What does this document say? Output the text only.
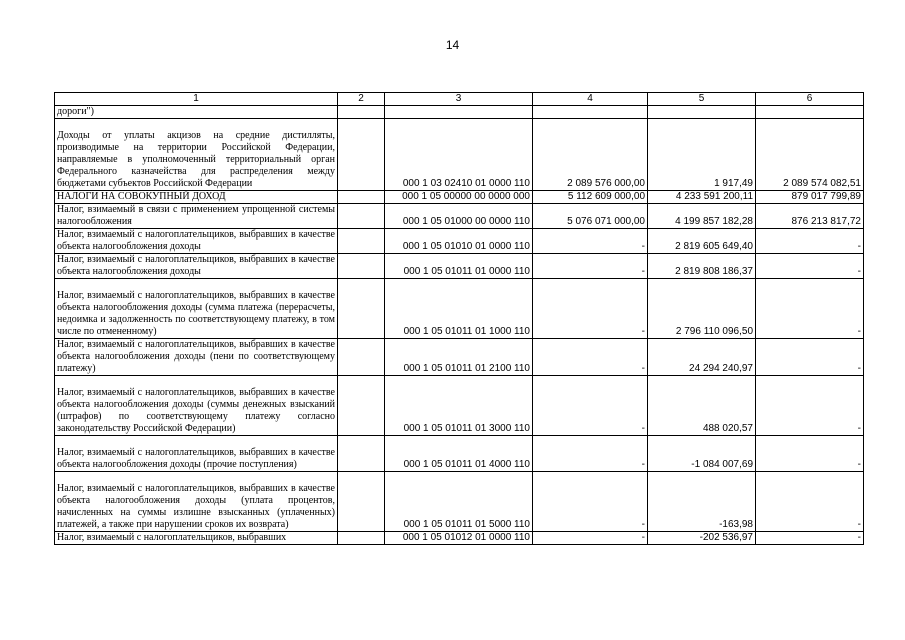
14
1	2	3	4	5	6
дороги")					
Доходы от уплаты акцизов на средние дистилляты, производимые на территории Российской Федерации, направляемые в уполномоченный территориальный орган Федерального казначейства для распределения между бюджетами субъектов Российской Федерации		000 1 03 02410 01 0000 110	2 089 576 000,00	1 917,49	2 089 574 082,51
НАЛОГИ НА СОВОКУПНЫЙ ДОХОД		000 1 05 00000 00 0000 000	5 112 609 000,00	4 233 591 200,11	879 017 799,89
Налог, взимаемый в связи с применением упрощенной системы налогообложения		000 1 05 01000 00 0000 110	5 076 071 000,00	4 199 857 182,28	876 213 817,72
Налог, взимаемый с налогоплательщиков, выбравших в качестве объекта налогообложения доходы		000 1 05 01010 01 0000 110	-	2 819 605 649,40	-
Налог, взимаемый с налогоплательщиков, выбравших в качестве объекта налогообложения доходы		000 1 05 01011 01 0000 110	-	2 819 808 186,37	-
Налог, взимаемый с налогоплательщиков, выбравших в качестве объекта налогообложения доходы (сумма платежа (перерасчеты, недоимка и задолженность по соответствующему платежу, в том числе по отмененному)		000 1 05 01011 01 1000 110	-	2 796 110 096,50	-
Налог, взимаемый с налогоплательщиков, выбравших в качестве объекта налогообложения доходы (пени по соответствующему платежу)		000 1 05 01011 01 2100 110	-	24 294 240,97	-
Налог, взимаемый с налогоплательщиков, выбравших в качестве объекта налогообложения доходы (суммы денежных взысканий (штрафов) по соответствующему платежу согласно законодательству Российской Федерации)		000 1 05 01011 01 3000 110	-	488 020,57	-
Налог, взимаемый с налогоплательщиков, выбравших в качестве объекта налогообложения доходы (прочие поступления)		000 1 05 01011 01 4000 110	-	-1 084 007,69	-
Налог, взимаемый с налогоплательщиков, выбравших в качестве объекта налогообложения доходы (уплата процентов, начисленных на суммы излишне взысканных (уплаченных) платежей, а также при нарушении сроков их возврата)		000 1 05 01011 01 5000 110	-	-163,98	-
Налог, взимаемый с налогоплательщиков, выбравших		000 1 05 01012 01 0000 110	-	-202 536,97	-
